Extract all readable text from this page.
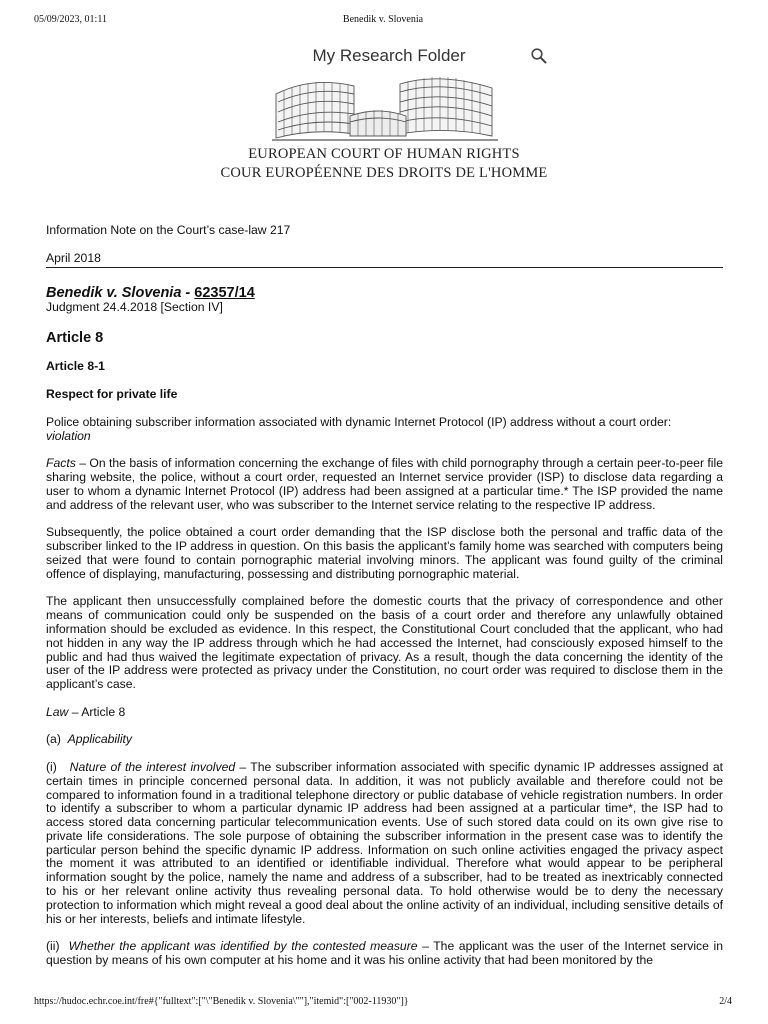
05/09/2023, 01:11	Benedik v. Slovenia
My Research Folder
EUROPEAN COURT OF HUMAN RIGHTS
COUR EUROPÉENNE DES DROITS DE L'HOMME

Information Note on the Court’s case-law 217

April 2018

Benedik v. Slovenia - 62357/14

Judgment 24.4.2018 [Section IV]

Article 8

Article 8-1

Respect for private life

Police obtaining subscriber information associated with dynamic Internet Protocol (IP) address without a court order:
violation

Facts – On the basis of information concerning the exchange of files with child pornography through a certain peer-to-peer file sharing website, the police, without a court order, requested an Internet service provider (ISP) to disclose data regarding a user to whom a dynamic Internet Protocol (IP) address had been assigned at a particular time.* The ISP provided the name and address of the relevant user, who was subscriber to the Internet service relating to the respective IP address.

Subsequently, the police obtained a court order demanding that the ISP disclose both the personal and traffic data of the subscriber linked to the IP address in question. On this basis the applicant’s family home was searched with computers being seized that were found to contain pornographic material involving minors. The applicant was found guilty of the criminal offence of displaying, manufacturing, possessing and distributing pornographic material.

The applicant then unsuccessfully complained before the domestic courts that the privacy of correspondence and other means of communication could only be suspended on the basis of a court order and therefore any unlawfully obtained information should be excluded as evidence. In this respect, the Constitutional Court concluded that the applicant, who had not hidden in any way the IP address through which he had accessed the Internet, had consciously exposed himself to the public and had thus waived the legitimate expectation of privacy. As a result, though the data concerning the identity of the user of the IP address were protected as privacy under the Constitution, no court order was required to disclose them in the applicant’s case.

Law – Article 8

(a)  Applicability

(i)   Nature of the interest involved – The subscriber information associated with specific dynamic IP addresses assigned at certain times in principle concerned personal data. In addition, it was not publicly available and therefore could not be compared to information found in a traditional telephone directory or public database of vehicle registration numbers. In order to identify a subscriber to whom a particular dynamic IP address had been assigned at a particular time*, the ISP had to access stored data concerning particular telecommunication events. Use of such stored data could on its own give rise to private life considerations. The sole purpose of obtaining the subscriber information in the present case was to identify the particular person behind the specific dynamic IP address. Information on such online activities engaged the privacy aspect the moment it was attributed to an identified or identifiable individual. Therefore what would appear to be peripheral information sought by the police, namely the name and address of a subscriber, had to be treated as inextricably connected to his or her relevant online activity thus revealing personal data. To hold otherwise would be to deny the necessary protection to information which might reveal a good deal about the online activity of an individual, including sensitive details of his or her interests, beliefs and intimate lifestyle.

(ii)  Whether the applicant was identified by the contested measure – The applicant was the user of the Internet service in question by means of his own computer at his home and it was his online activity that had been monitored by the

https://hudoc.echr.coe.int/fre#{"fulltext":["\"Benedik v. Slovenia\""],"itemid":["002-11930"]}	2/4
